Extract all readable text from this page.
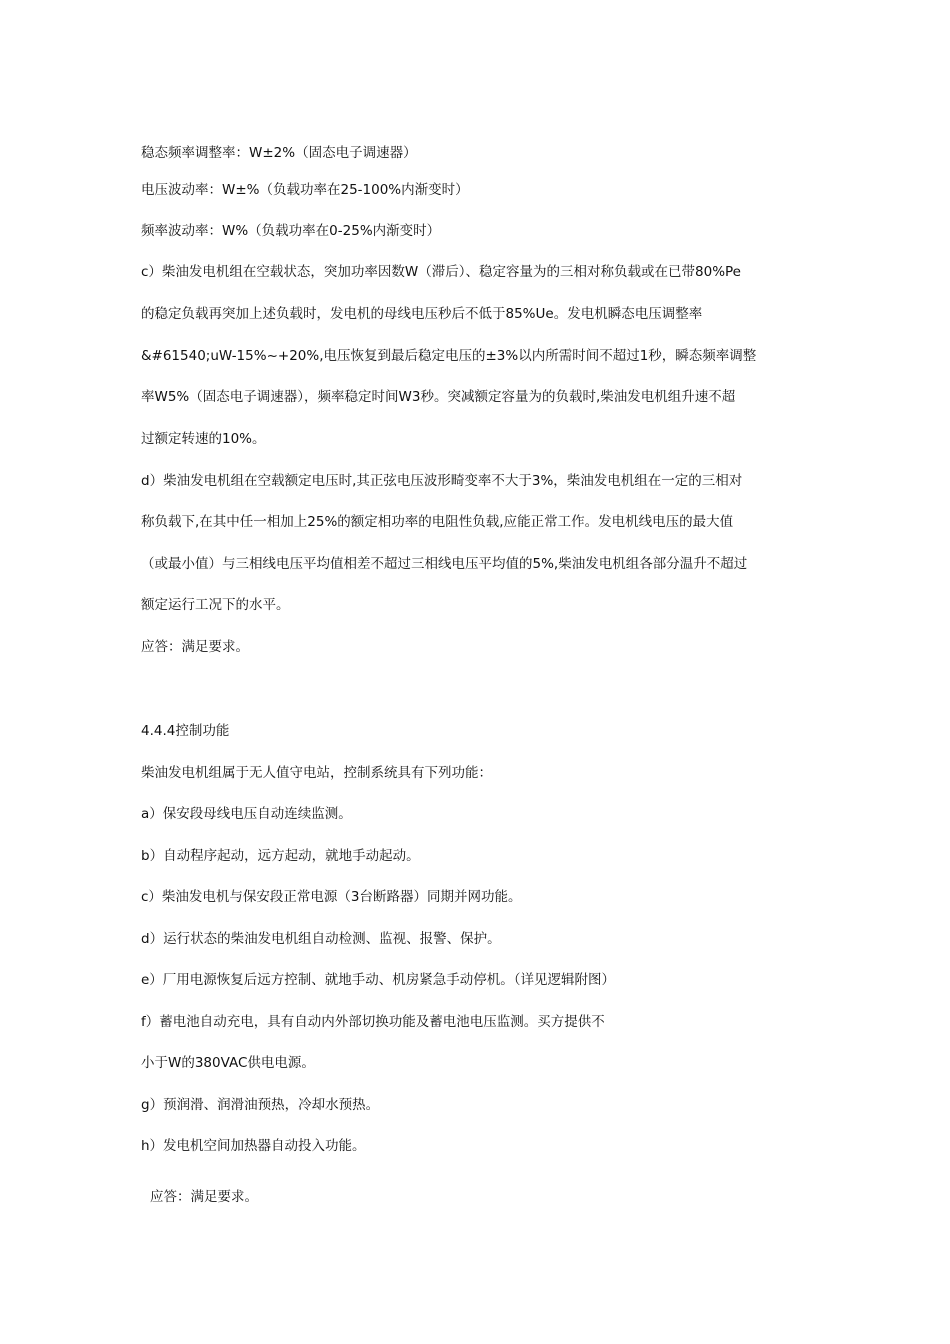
稳态频率调整率：W±2%（固态电子调速器）
电压波动率：W±%（负载功率在25-100%内渐变时）
频率波动率：W%（负载功率在0-25%内渐变时）
c）柴油发电机组在空载状态，突加功率因数W（滞后）、稳定容量为的三相对称负载或在已带80%Pe
的稳定负载再突加上述负载时，发电机的母线电压秒后不低于85%Ue。发电机瞬态电压调整率
&#61540;uW-15%~+20%,电压恢复到最后稳定电压的±3%以内所需时间不超过1秒，瞬态频率调整
率W5%（固态电子调速器），频率稳定时间W3秒。突减额定容量为的负载时,柴油发电机组升速不超
过额定转速的10%。
d）柴油发电机组在空载额定电压时,其正弦电压波形畸变率不大于3%，柴油发电机组在一定的三相对
称负载下,在其中任一相加上25%的额定相功率的电阻性负载,应能正常工作。发电机线电压的最大值
（或最小值）与三相线电压平均值相差不超过三相线电压平均值的5%,柴油发电机组各部分温升不超过
额定运行工况下的水平。
应答：满足要求。
4.4.4控制功能
柴油发电机组属于无人值守电站，控制系统具有下列功能：
a）保安段母线电压自动连续监测。
b）自动程序起动，远方起动，就地手动起动。
c）柴油发电机与保安段正常电源（3台断路器）同期并网功能。
d）运行状态的柴油发电机组自动检测、监视、报警、保护。
e）厂用电源恢复后远方控制、就地手动、机房紧急手动停机。（详见逻辑附图）
f）蓄电池自动充电，具有自动内外部切换功能及蓄电池电压监测。买方提供不
小于W的380VAC供电电源。
g）预润滑、润滑油预热，冷却水预热。
h）发电机空间加热器自动投入功能。
应答：满足要求。
